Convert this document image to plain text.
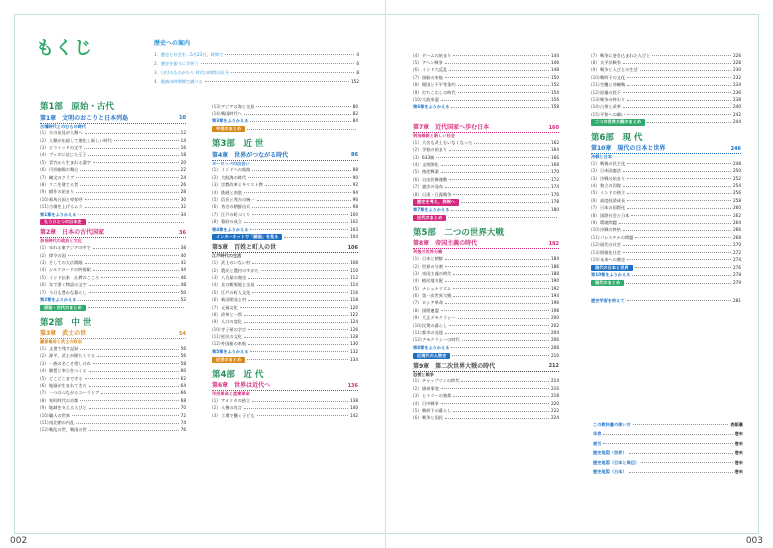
もくじ	歴史への案内
1．歴史と社会を…5月23日，時間で	4
2．歴史を振りに学習う	6
3．日付のものがたり 時代の時間の区分	8
4．地域の時期間で調べる	152
第1部　原始・古代
第1章　文明のおこりと日本列島	10
古墳時代とのむらの時代
(1) 火の発見が人類へ	12
(2) 人類が出現して進化し新しい時代	14
(3) ピラミッドの文字	16
(4) ブッダに信じた王子	18
(5) 青竹から生まれる漢字	20
(6) 円形劇場の舞台	22
(7) 縄文のクラブ	24
(8) クニを建てる者	26
(9) 稲作の始まり	28
(10) 邪馬台国と卑弥呼	30
(11) 古墳を上げるムラ	32
第1章をふりかえる	34
もうひとつの日本史
第2章　日本の古代国家	36
奈良時代の政治と文化
(1) ゆれる東アジアの中で	38
(2) 律令の国	40
(3) そしての大仏開眼	42
(4) シルクロードの終着駅	44
(5) インド伝来　仏教のこころ	46
(6) 女で書く物語の文字	48
(7) 今日も豊かな暮らし	50
第2章をふりかえる	52
原始・古代のまとめ
第2部　中 世
第3章　武士の世	54
鎌倉幕府と武士の政治
(1) 文書で残す記録	56
(2) 源平，武士が勝ちくぐる	56
(3) 一族の名こそ惜しけれ	58
(4) 御恩と奉公をつくる	60
(5) どこどこまで守る	62
(6) 地頭が生まれてきた	64
(7) 一つのつながるユーラシア	66
(8) 室町時代の京都	68
(9) 地域を支える人びと	70
(10) 職人の世界	72
(11) 南北朝の内乱	74
(12) 戦乱の世，戦国の世	76
(13) アジアの海と交易	80
(14) 戦国時代へ	82
第3章をふりかえる	84
中世のまとめ
第3部　近 世
第4章　世界がつながる時代	86
ヨーロッパの出会い
(1) インドへの航路	88
(2) 大航海の時代	90
(3) 宗教改革とキリスト教	92
(4) 鉄砲と南蛮	94
(5) 信長と秀吉の統一	96
(6) 秀吉の朝鮮出兵	98
(7) 江戸の町づくり	100
(8) 幕府の成立	102
第4章をふりかえる	103
インターネットで「鎖国」を見る	104
第5章　百姓と町人の世	106
江戸時代の生活
(1) 武士のいない村	108
(2) 農民と農村のすがた	110
(3) 八百屋の商売	112
(4) 北の蝦夷地と交易	114
(5) 江戸の町人文化	116
(6) 新田開発と村	118
(7) 元禄文化	120
(8) 改革と一揆	122
(9) 人口の変化	124
(10) 寺子屋の学び	126
(11) 庶民の文化	128
(12) 外国船の来航	130
第5章をふりかえる	132
近世のまとめ	134
第4部　近 代
第6章　世界は近代へ	136
市民革命と産業革命
(1) アメリカの独立	138
(2) 人権の宣言	140
(3) 工場で働く子ども	142
002
(4) ゲームの始まり	144
(5) アヘン戦争	146
(6) インド大反乱	148
(7) 黒船の来航	150
(8) 開国と不平等条約	152
(9) 打ちこわしの時代	154
(10) 大政奉還	156
第6章をふりかえる	158
第7章　近代国家へ歩む日本	160
明治維新と新しい社会
(1) 大名も武士もいなくなった	162
(2) 学校の始まり	164
(3) 633制	166
(4) 文明開化	168
(5) 殖産興業	170
(6) 自由民権運動	172
(7) 憲法の発布	174
(8) 日清・日露戦争	176
歴史を考え，探検へ	178
第7章をふりかえる	180
近代のまとめ
第5部　二つの世界大戦
第8章　帝国主義の時代	182
列強の世界分割
(1) 日本と朝鮮	184
(2) 世界の分割	186
(3) 帝国主義の時代	188
(4) 植民地支配	190
(5) ナショナリズム	192
(6) 第一次世界大戦	194
(7) ロシア革命	196
(8) 国際連盟	198
(9) 大正デモクラシー	200
(10) 民衆の暮らし	202
(11) 都市の発達	204
(12) デモクラシーの時代	206
第8章をふりかえる	208
近現代の人物史	210
第9章　第二次世界大戦の時代	212
恐慌と戦争
(1) チャップリンの時代	214
(2) 満州事変	216
(3) ヒトラーの独裁	218
(4) 日中戦争	220
(5) 戦時下の暮らし	222
(6) 戦争と国民	224
(7) 戦争に巻き込まれた人びと	226
(8) 太平洋戦争	228
(9) 戦争と人びとの生活	230
(10) 戦時下の文化	232
(11) 空襲と沖縄戦	234
(12) 原爆の投下	236
(13) 戦争の終わり	238
(14) 占領と改革	240
(15) 平和への願い	242
二つの世界大戦のまとめ	244
第6部　現 代
第10章　現代の日本と世界	246
冷戦と日本
(1) 戦後の民主化	248
(2) 日本国憲法	250
(3) 冷戦の始まり	252
(4) 独立の回復	254
(5) インドの独立	256
(6) 高度経済成長	258
(7) 日本の国際化	260
(8) 国際社会と日本	262
(9) 環境問題	264
(10) 冷戦の終結	266
(11) パレスチナの問題	268
(12) 現代の社会	270
(13) 情報化社会	272
(14) 未来への歴史	274
現代の日本と世界	276
第10章をふりかえる	278
現代のまとめ	279
歴史学習を終えて	281
この教科書の使い方	表紙裏
年表	巻末
索引	巻末
歴史地図（世界）	巻末
歴史地図（日本と周辺）	巻末
歴史地図（日本）	巻末
003
